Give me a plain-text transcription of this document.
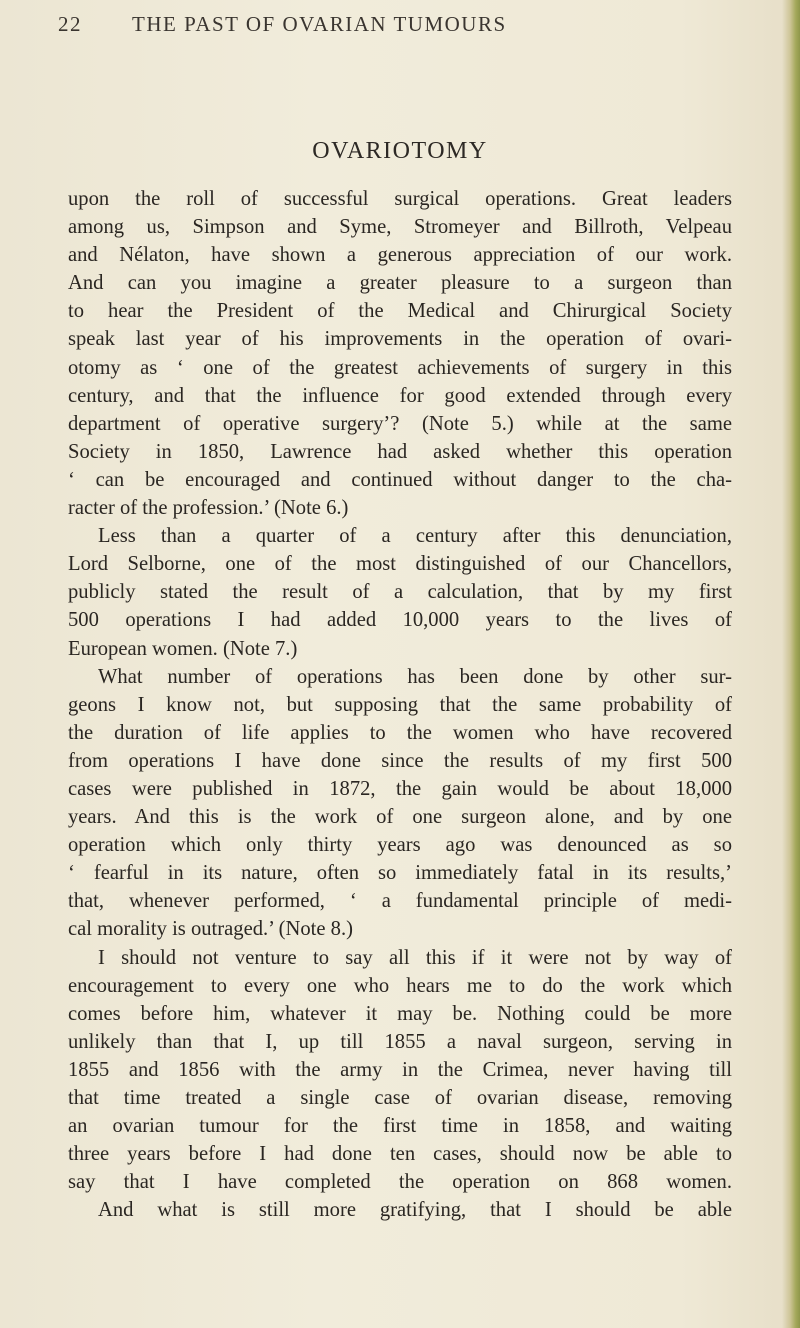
22 THE PAST OF OVARIAN TUMOURS
OVARIOTOMY
upon the roll of successful surgical operations. Great leaders
among us, Simpson and Syme, Stromeyer and Billroth, Velpeau
and Nélaton, have shown a generous appreciation of our work.
And can you imagine a greater pleasure to a surgeon than
to hear the President of the Medical and Chirurgical Society
speak last year of his improvements in the operation of ovari-
otomy as ‘ one of the greatest achievements of surgery in this
century, and that the influence for good extended through every
department of operative surgery’? (Note 5.) while at the same
Society in 1850, Lawrence had asked whether this operation
‘ can be encouraged and continued without danger to the cha-
racter of the profession.’ (Note 6.)
Less than a quarter of a century after this denunciation,
Lord Selborne, one of the most distinguished of our Chancellors,
publicly stated the result of a calculation, that by my first
500 operations I had added 10,000 years to the lives of
European women. (Note 7.)
What number of operations has been done by other sur-
geons I know not, but supposing that the same probability of
the duration of life applies to the women who have recovered
from operations I have done since the results of my first 500
cases were published in 1872, the gain would be about 18,000
years. And this is the work of one surgeon alone, and by one
operation which only thirty years ago was denounced as so
‘ fearful in its nature, often so immediately fatal in its results,’
that, whenever performed, ‘ a fundamental principle of medi-
cal morality is outraged.’ (Note 8.)
I should not venture to say all this if it were not by way of
encouragement to every one who hears me to do the work which
comes before him, whatever it may be. Nothing could be more
unlikely than that I, up till 1855 a naval surgeon, serving in
1855 and 1856 with the army in the Crimea, never having till
that time treated a single case of ovarian disease, removing
an ovarian tumour for the first time in 1858, and waiting
three years before I had done ten cases, should now be able to
say that I have completed the operation on 868 women.
And what is still more gratifying, that I should be able
